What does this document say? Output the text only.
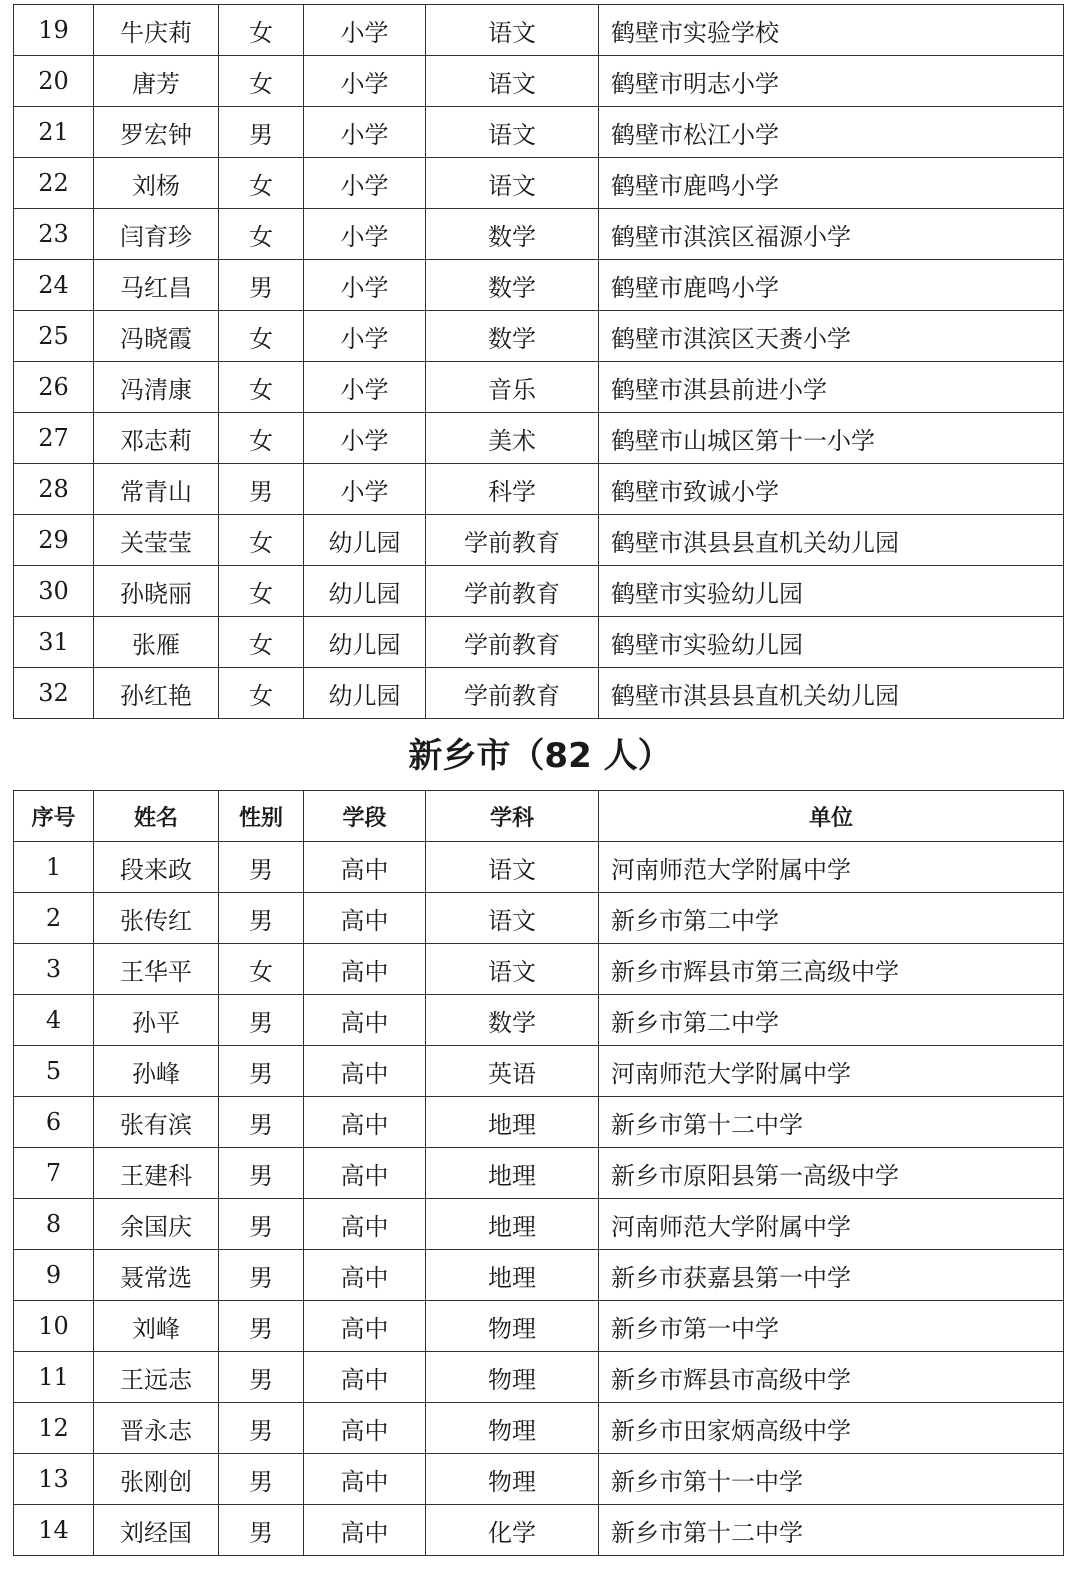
19	牛庆莉	女	小学	语文	鹤壁市实验学校
20	唐芳	女	小学	语文	鹤壁市明志小学
21	罗宏钟	男	小学	语文	鹤壁市松江小学
22	刘杨	女	小学	语文	鹤壁市鹿鸣小学
23	闫育珍	女	小学	数学	鹤壁市淇滨区福源小学
24	马红昌	男	小学	数学	鹤壁市鹿鸣小学
25	冯晓霞	女	小学	数学	鹤壁市淇滨区天赉小学
26	冯清康	女	小学	音乐	鹤壁市淇县前进小学
27	邓志莉	女	小学	美术	鹤壁市山城区第十一小学
28	常青山	男	小学	科学	鹤壁市致诚小学
29	关莹莹	女	幼儿园	学前教育	鹤壁市淇县县直机关幼儿园
30	孙晓丽	女	幼儿园	学前教育	鹤壁市实验幼儿园
31	张雁	女	幼儿园	学前教育	鹤壁市实验幼儿园
32	孙红艳	女	幼儿园	学前教育	鹤壁市淇县县直机关幼儿园
新乡市（82 人）
序号	姓名	性别	学段	学科	单位
1	段来政	男	高中	语文	河南师范大学附属中学
2	张传红	男	高中	语文	新乡市第二中学
3	王华平	女	高中	语文	新乡市辉县市第三高级中学
4	孙平	男	高中	数学	新乡市第二中学
5	孙峰	男	高中	英语	河南师范大学附属中学
6	张有滨	男	高中	地理	新乡市第十二中学
7	王建科	男	高中	地理	新乡市原阳县第一高级中学
8	余国庆	男	高中	地理	河南师范大学附属中学
9	聂常选	男	高中	地理	新乡市获嘉县第一中学
10	刘峰	男	高中	物理	新乡市第一中学
11	王远志	男	高中	物理	新乡市辉县市高级中学
12	晋永志	男	高中	物理	新乡市田家炳高级中学
13	张刚创	男	高中	物理	新乡市第十一中学
14	刘经国	男	高中	化学	新乡市第十二中学
